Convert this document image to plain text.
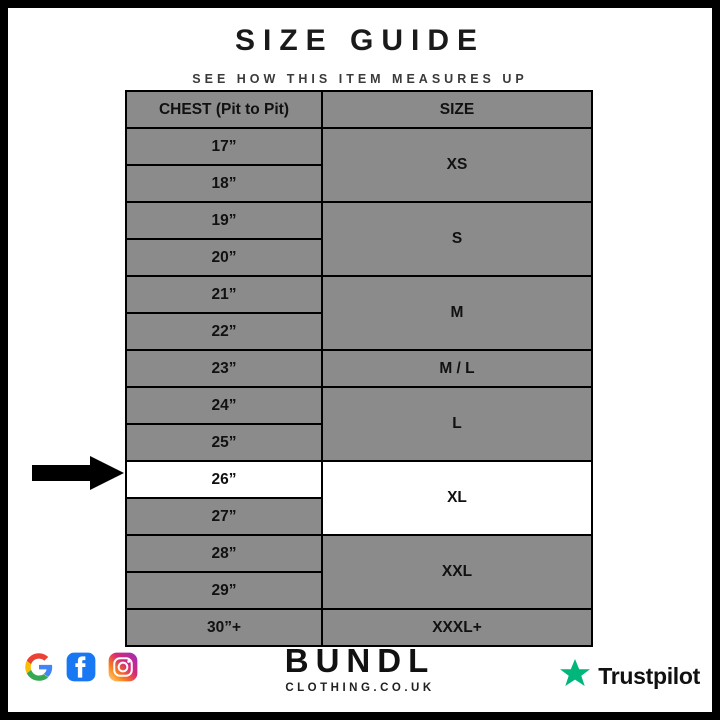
SIZE GUIDE
SEE HOW THIS ITEM MEASURES UP
CHEST (Pit to Pit)	SIZE
17”	XS
18”	
19”	S
20”	
21”	M
22”	
23”	M / L
24”	L
25”	
26”	XL
27”	
28”	XXL
29”	
30”+	XXXL+
BUNDL
CLOTHING.CO.UK	Trustpilot
